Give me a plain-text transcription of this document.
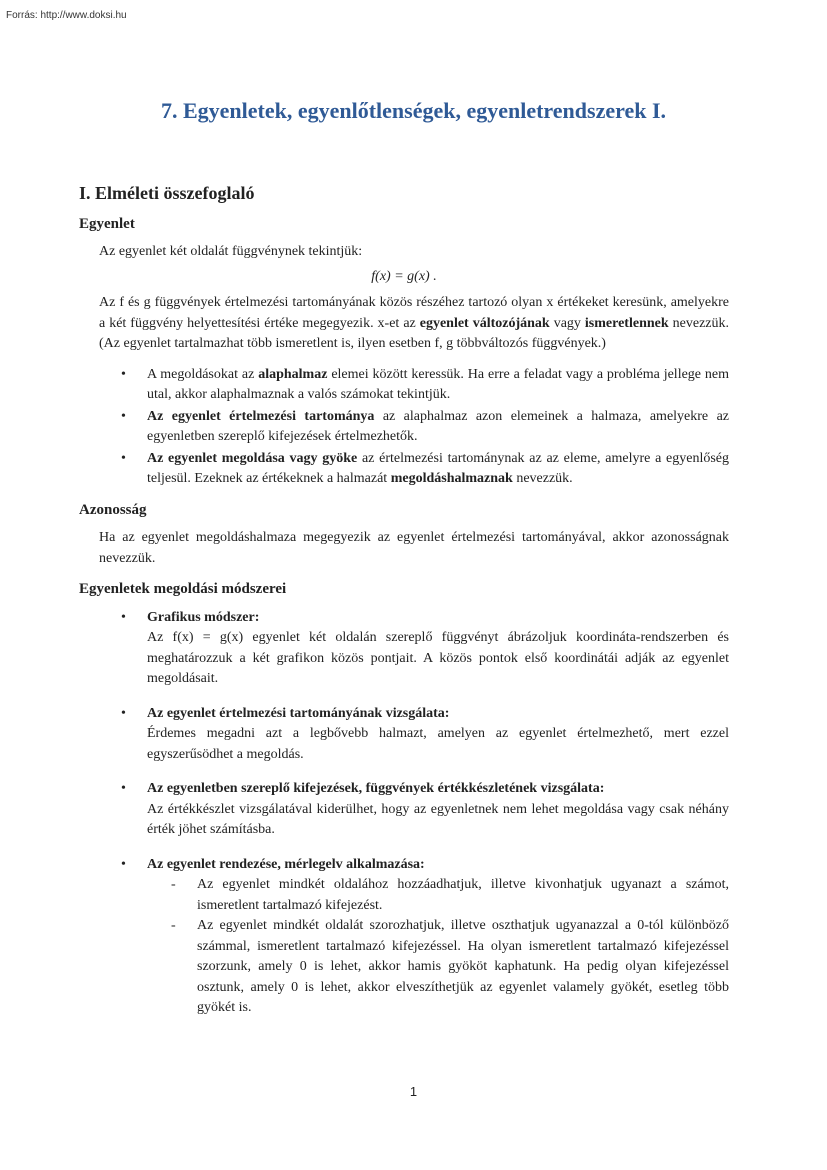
Forrás: http://www.doksi.hu
7. Egyenletek, egyenlőtlenségek, egyenletrendszerek I.
I. Elméleti összefoglaló
Egyenlet
Az egyenlet két oldalát függvénynek tekintjük:
f(x) = g(x) .
Az f és g függvények értelmezési tartományának közös részéhez tartozó olyan x értékeket keresünk, amelyekre a két függvény helyettesítési értéke megegyezik. x-et az egyenlet változójának vagy ismeretlennek nevezzük. (Az egyenlet tartalmazhat több ismeretlent is, ilyen esetben f, g többváltozós függvények.)
• A megoldásokat az alaphalmaz elemei között keressük. Ha erre a feladat vagy a probléma jellege nem utal, akkor alaphalmaznak a valós számokat tekintjük.
• Az egyenlet értelmezési tartománya az alaphalmaz azon elemeinek a halmaza, amelyekre az egyenletben szereplő kifejezések értelmezhetők.
• Az egyenlet megoldása vagy gyöke az értelmezési tartománynak az az eleme, amelyre a egyenlőség teljesül. Ezeknek az értékeknek a halmazát megoldáshalmaznak nevezzük.
Azonosság
Ha az egyenlet megoldáshalmaza megegyezik az egyenlet értelmezési tartományával, akkor azonosságnak nevezzük.
Egyenletek megoldási módszerei
• Grafikus módszer:
Az f(x) = g(x) egyenlet két oldalán szereplő függvényt ábrázoljuk koordináta-rendszerben és meghatározzuk a két grafikon közös pontjait. A közös pontok első koordinátái adják az egyenlet megoldásait.
• Az egyenlet értelmezési tartományának vizsgálata:
Érdemes megadni azt a legbővebb halmazt, amelyen az egyenlet értelmezhető, mert ezzel egyszerűsödhet a megoldás.
• Az egyenletben szereplő kifejezések, függvények értékkészletének vizsgálata:
Az értékkészlet vizsgálatával kiderülhet, hogy az egyenletnek nem lehet megoldása vagy csak néhány érték jöhet számításba.
• Az egyenlet rendezése, mérlegelv alkalmazása:
- Az egyenlet mindkét oldalához hozzáadhatjuk, illetve kivonhatjuk ugyanazt a számot, ismeretlent tartalmazó kifejezést.
- Az egyenlet mindkét oldalát szorozhatjuk, illetve oszthatjuk ugyanazzal a 0-tól különböző számmal, ismeretlent tartalmazó kifejezéssel. Ha olyan ismeretlent tartalmazó kifejezéssel szorzunk, amely 0 is lehet, akkor hamis gyököt kaphatunk. Ha pedig olyan kifejezéssel osztunk, amely 0 is lehet, akkor elveszíthetjük az egyenlet valamely gyökét, esetleg több gyökét is.
1
